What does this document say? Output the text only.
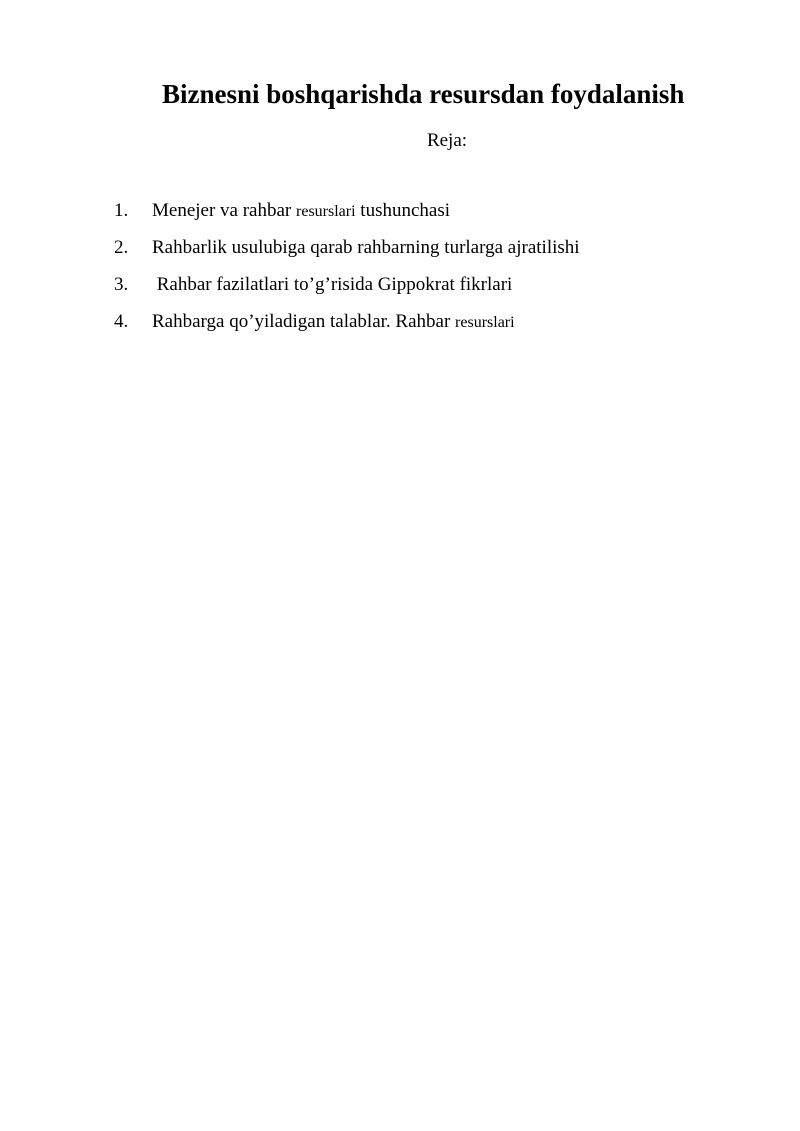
Biznesni boshqarishda resursdan foydalanish

Reja:

1. Menejer va rahbar resurslari tushunchasi
2. Rahbarlik usulubiga qarab rahbarning turlarga ajratilishi
3. Rahbar fazilatlari to’g’risida Gippokrat fikrlari
4. Rahbarga qo’yiladigan talablar. Rahbar resurslari
